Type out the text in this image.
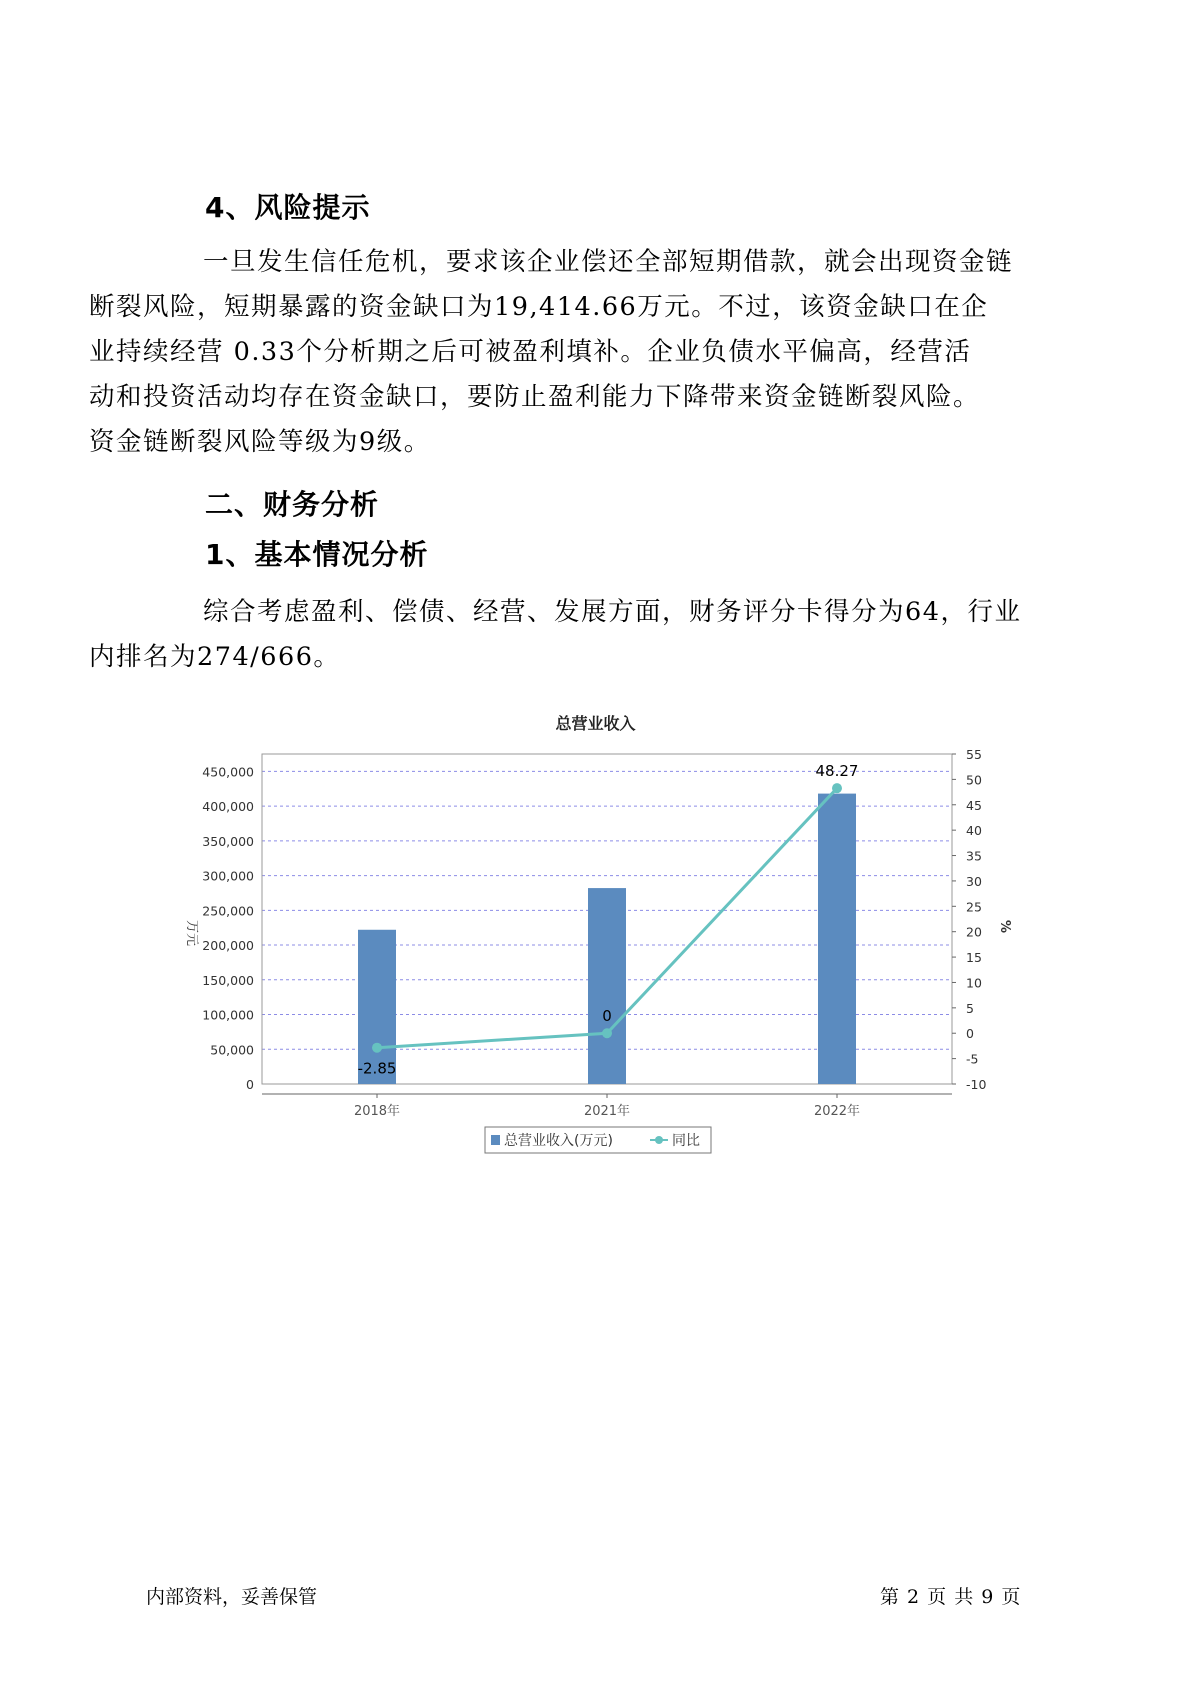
4、风险提示

一旦发生信任危机，要求该企业偿还全部短期借款，就会出现资金链
断裂风险，短期暴露的资金缺口为19,414.66万元。不过，该资金缺口在企
业持续经营 0.33个分析期之后可被盈利填补。企业负债水平偏高，经营活
动和投资活动均存在资金缺口，要防止盈利能力下降带来资金链断裂风险。
资金链断裂风险等级为9级。

二、财务分析
1、基本情况分析

综合考虑盈利、偿债、经营、发展方面，财务评分卡得分为64，行业
内排名为274/666。

总营业收入
-2.85
0
48.27
0
50,000
100,000
150,000
200,000
250,000
300,000
350,000
400,000
450,000
55
50
45
40
35
30
25
20
15
10
5
0
-5
-10
2018年	2021年	2022年
万元	%
总营业收入(万元)	同比
内部资料，妥善保管	第 2 页 共 9 页
